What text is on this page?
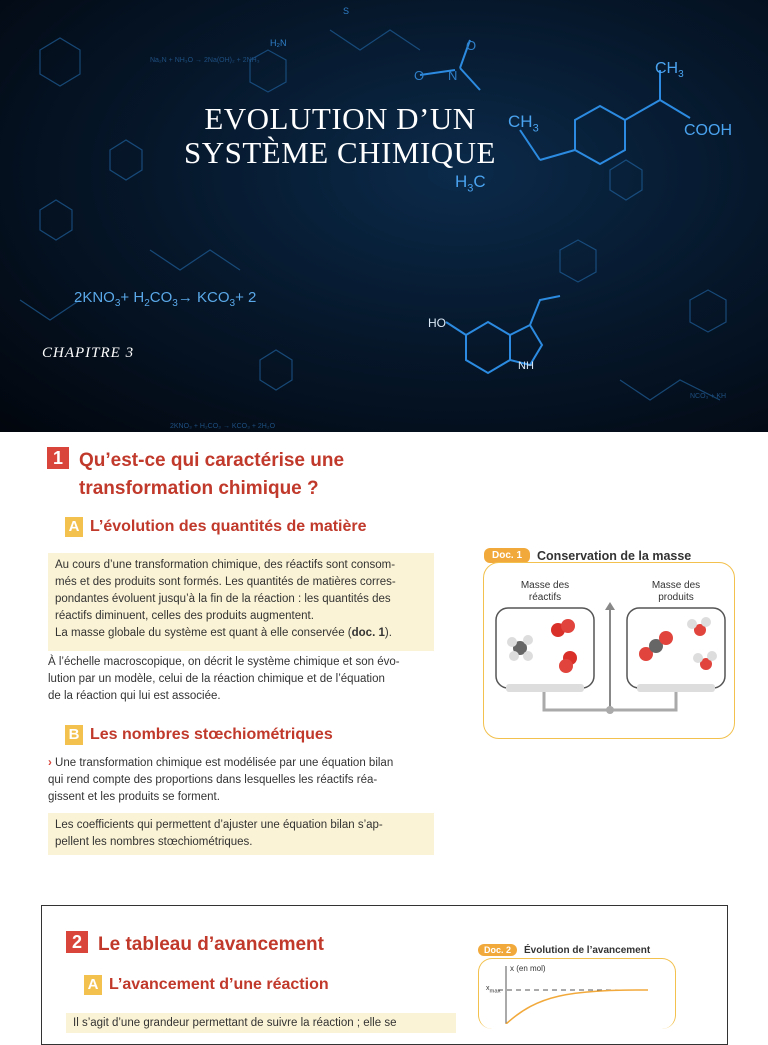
O N
O
S
H₂N
Na₂N + NH₃O → 2Na(OH)₂ + 2NH₃
2KNO₃ + H₂CO₃ → KCO₃ + 2H₂O
NCO₃ + KH
EVOLUTION D’UN
SYSTÈME CHIMIQUE
$CH_3$
$H_3C$
$CH_3$
COOH
HO
NH
$2KNO_3+ H_2CO_3\to KCO_3+ 2$
CHAPITRE 3
1 Qu’est-ce qui caractérise une
transformation chimique ?
A L’évolution des quantités de matière
Au cours d’une transformation chimique, des réactifs sont consom-
més et des produits sont formés. Les quantités de matières corres-
pondantes évoluent jusqu’à la fin de la réaction : les quantités des
réactifs diminuent, celles des produits augmentent.
La masse globale du système est quant à elle conservée (doc. 1).
À l’échelle macroscopique, on décrit le système chimique et son évo-
lution par un modèle, celui de la réaction chimique et de l’équation
de la réaction qui lui est associée.
B Les nombres stœchiométriques
› Une transformation chimique est modélisée par une équation bilan
qui rend compte des proportions dans lesquelles les réactifs réa-
gissent et les produits se forment.
Les coefficients qui permettent d’ajuster une équation bilan s’ap-
pellent les nombres stœchiométriques.
Doc. 1	Conservation de la masse
Masse des
réactifs
Masse des
produits
2 Le tableau d’avancement
A L’avancement d’une réaction
Il s’agit d’une grandeur permettant de suivre la réaction ; elle se
Doc. 2	Évolution de l’avancement
x (en mol)
$x_{max}$
